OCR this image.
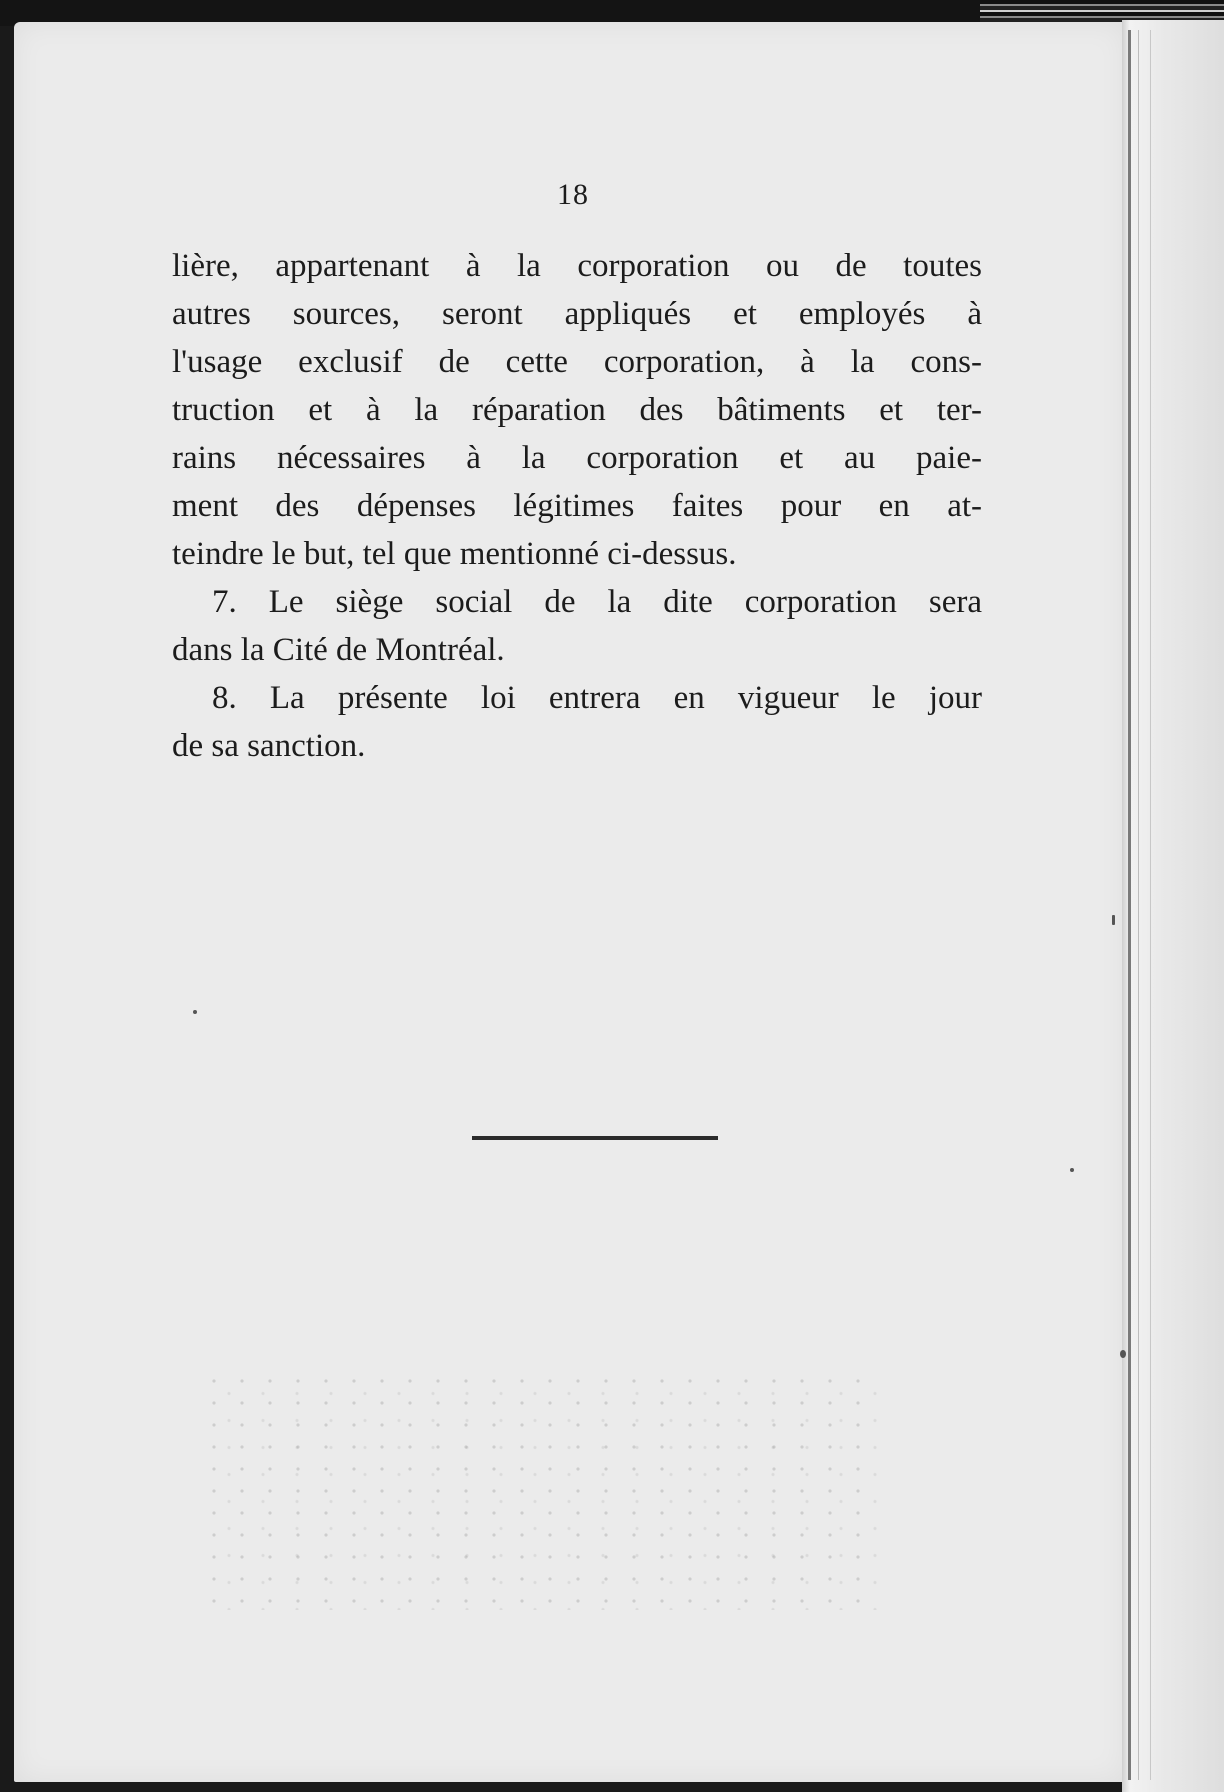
18
lière, appartenant à la corporation ou de toutes
autres sources, seront appliqués et employés à
l'usage exclusif de cette corporation, à la cons-
truction et à la réparation des bâtiments et ter-
rains nécessaires à la corporation et au paie-
ment des dépenses légitimes faites pour en at-
teindre le but, tel que mentionné ci-dessus.
7. Le siège social de la dite corporation sera
dans la Cité de Montréal.
8. La présente loi entrera en vigueur le jour
de sa sanction.
